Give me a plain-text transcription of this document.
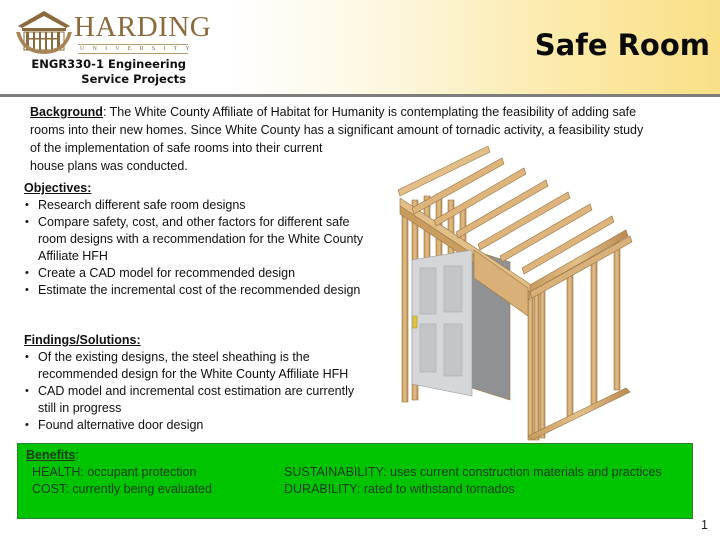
HARDING
UNIVERSITY
ENGR330-1 Engineering
Service Projects
Safe Room
Background: The White County Affiliate of Habitat for Humanity is contemplating the feasibility of adding safe
rooms into their new homes. Since White County has a significant amount of tornadic activity, a feasibility study
of the implementation of safe rooms into their current
house plans was conducted.
Objectives:
• Research different safe room designs
• Compare safety, cost, and other factors for different safe room designs with a recommendation for the White County Affiliate HFH
• Create a CAD model for recommended design
• Estimate the incremental cost of the recommended design
Findings/Solutions:
• Of the existing designs, the steel sheathing is the recommended design for the White County Affiliate HFH
• CAD model and incremental cost estimation are currently still in progress
• Found alternative door design
Benefits:
HEALTH: occupant protection	SUSTAINABILITY: uses current construction materials and practices
COST: currently being evaluated	DURABILITY: rated to withstand tornados
1
